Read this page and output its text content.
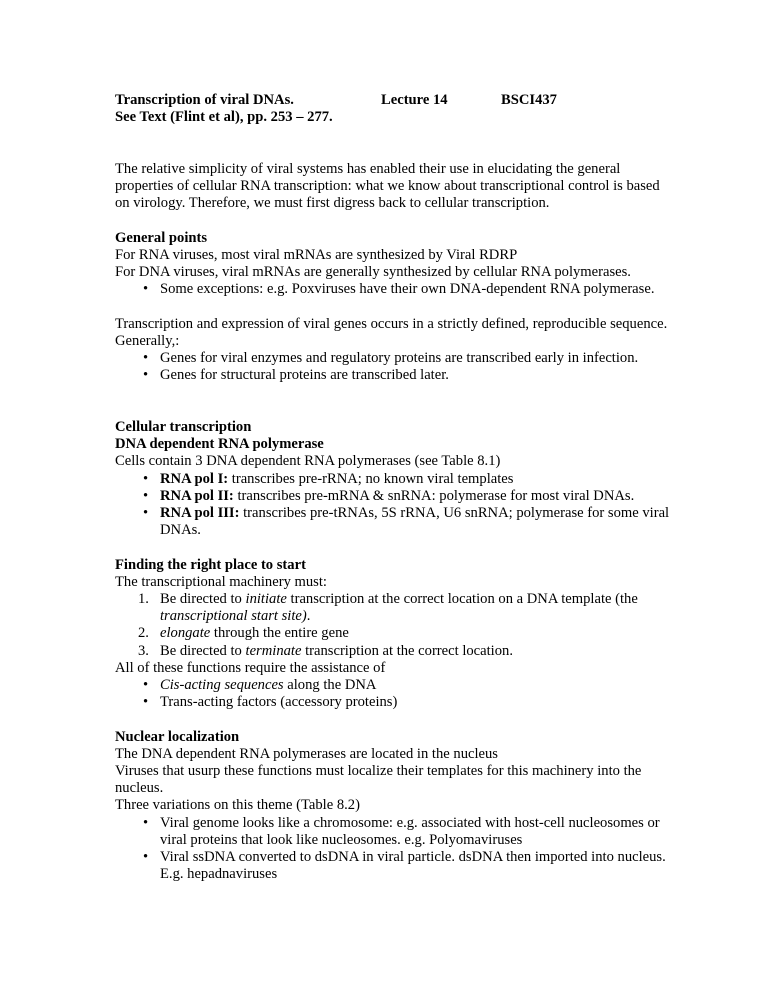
Transcription of viral DNAs.	Lecture 14	BSCI437
See Text (Flint et al), pp. 253 – 277.

The relative simplicity of viral systems has enabled their use in elucidating the general properties of cellular RNA transcription: what we know about transcriptional control is based on virology. Therefore, we must first digress back to cellular transcription.

General points

For RNA viruses, most viral mRNAs are synthesized by Viral RDRP

For DNA viruses, viral mRNAs are generally synthesized by cellular RNA polymerases.

• Some exceptions: e.g. Poxviruses have their own DNA-dependent RNA polymerase.

Transcription and expression of viral genes occurs in a strictly defined, reproducible sequence. Generally,:

• Genes for viral enzymes and regulatory proteins are transcribed early in infection.
• Genes for structural proteins are transcribed later.

Cellular transcription

DNA dependent RNA polymerase

Cells contain 3 DNA dependent RNA polymerases (see Table 8.1)

• RNA pol I: transcribes pre-rRNA; no known viral templates
• RNA pol II: transcribes pre-mRNA & snRNA: polymerase for most viral DNAs.
• RNA pol III: transcribes pre-tRNAs, 5S rRNA, U6 snRNA; polymerase for some viral DNAs.

Finding the right place to start

The transcriptional machinery must:

1. Be directed to initiate transcription at the correct location on a DNA template (the transcriptional start site).
2. elongate through the entire gene
3. Be directed to terminate transcription at the correct location.

All of these functions require the assistance of

• Cis-acting sequences along the DNA
• Trans-acting factors (accessory proteins)

Nuclear localization

The DNA dependent RNA polymerases are located in the nucleus

Viruses that usurp these functions must localize their templates for this machinery into the nucleus.

Three variations on this theme (Table 8.2)

• Viral genome looks like a chromosome: e.g. associated with host-cell nucleosomes or viral proteins that look like nucleosomes. e.g. Polyomaviruses
• Viral ssDNA converted to dsDNA in viral particle. dsDNA then imported into nucleus. E.g. hepadnaviruses
